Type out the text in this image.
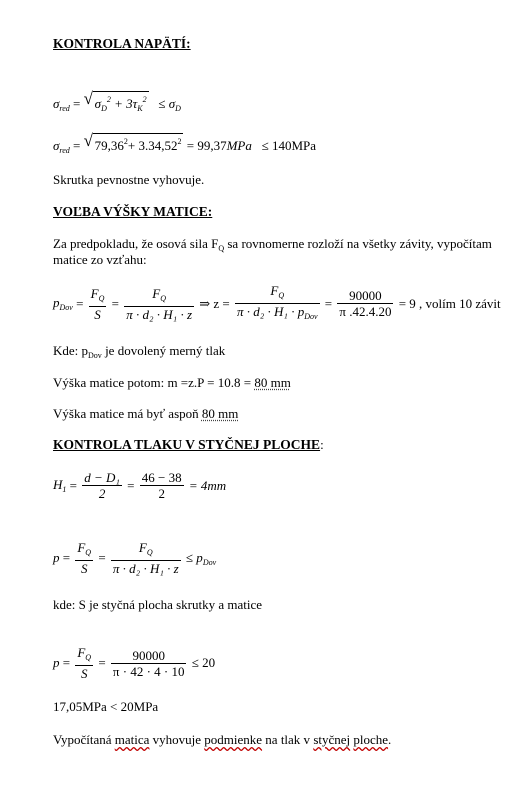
KONTROLA NAPÄTÍ:
$\sigma_{red}$ = √ $\sigma_D^2 + 3\tau_K^2 \le \sigma_D$
$\sigma_{red}$ = √ $79,36^2+ 3.34,52^2 = 99,37MPa \le 140MPa$
Skrutka pevnostne vyhovuje.
VOĽBA VÝŠKY MATICE:
Za predpokladu, že osová sila $F_Q$ sa rovnomerne rozloží na všetky závity, vypočítam
matice zo vzťahu:
$p_{Dov} = \frac{F_Q}{S} = \frac{F_Q}{\text{π · d₂ · H₁ · z}}$ ⇒ $z = \frac{F_Q}{\pi \cdot d_2 \cdot H_1 \cdot p_{Dov}} = \frac{90000}{\pi .42.4.20} = 9$ , volím 10 závit
Kde: $p_{Dov}$ je dovolený merný tlak
Výška matice potom: m =z.P = 10.8 = 80 mm
Výška matice má byť aspoň 80 mm
KONTROLA TLAKU V STYČNEJ PLOCHE:
$H_1 = \frac{\text{d − D₁}}{2} = \frac{46 - 38}{2} = 4mm$
$p = \frac{F_Q}{S} = \frac{F_Q}{\text{π · d₂ · H₁ · z}} \le p_{Dov}$
kde: S je styčná plocha skrutky a matice
$p = \frac{F_Q}{S} = \frac{90000}{\pi \cdot 42 \cdot 4 \cdot 10} \le 20$
17,05MPa < 20MPa
Vypočítaná matica vyhovuje podmienke na tlak v styčnej ploche.
